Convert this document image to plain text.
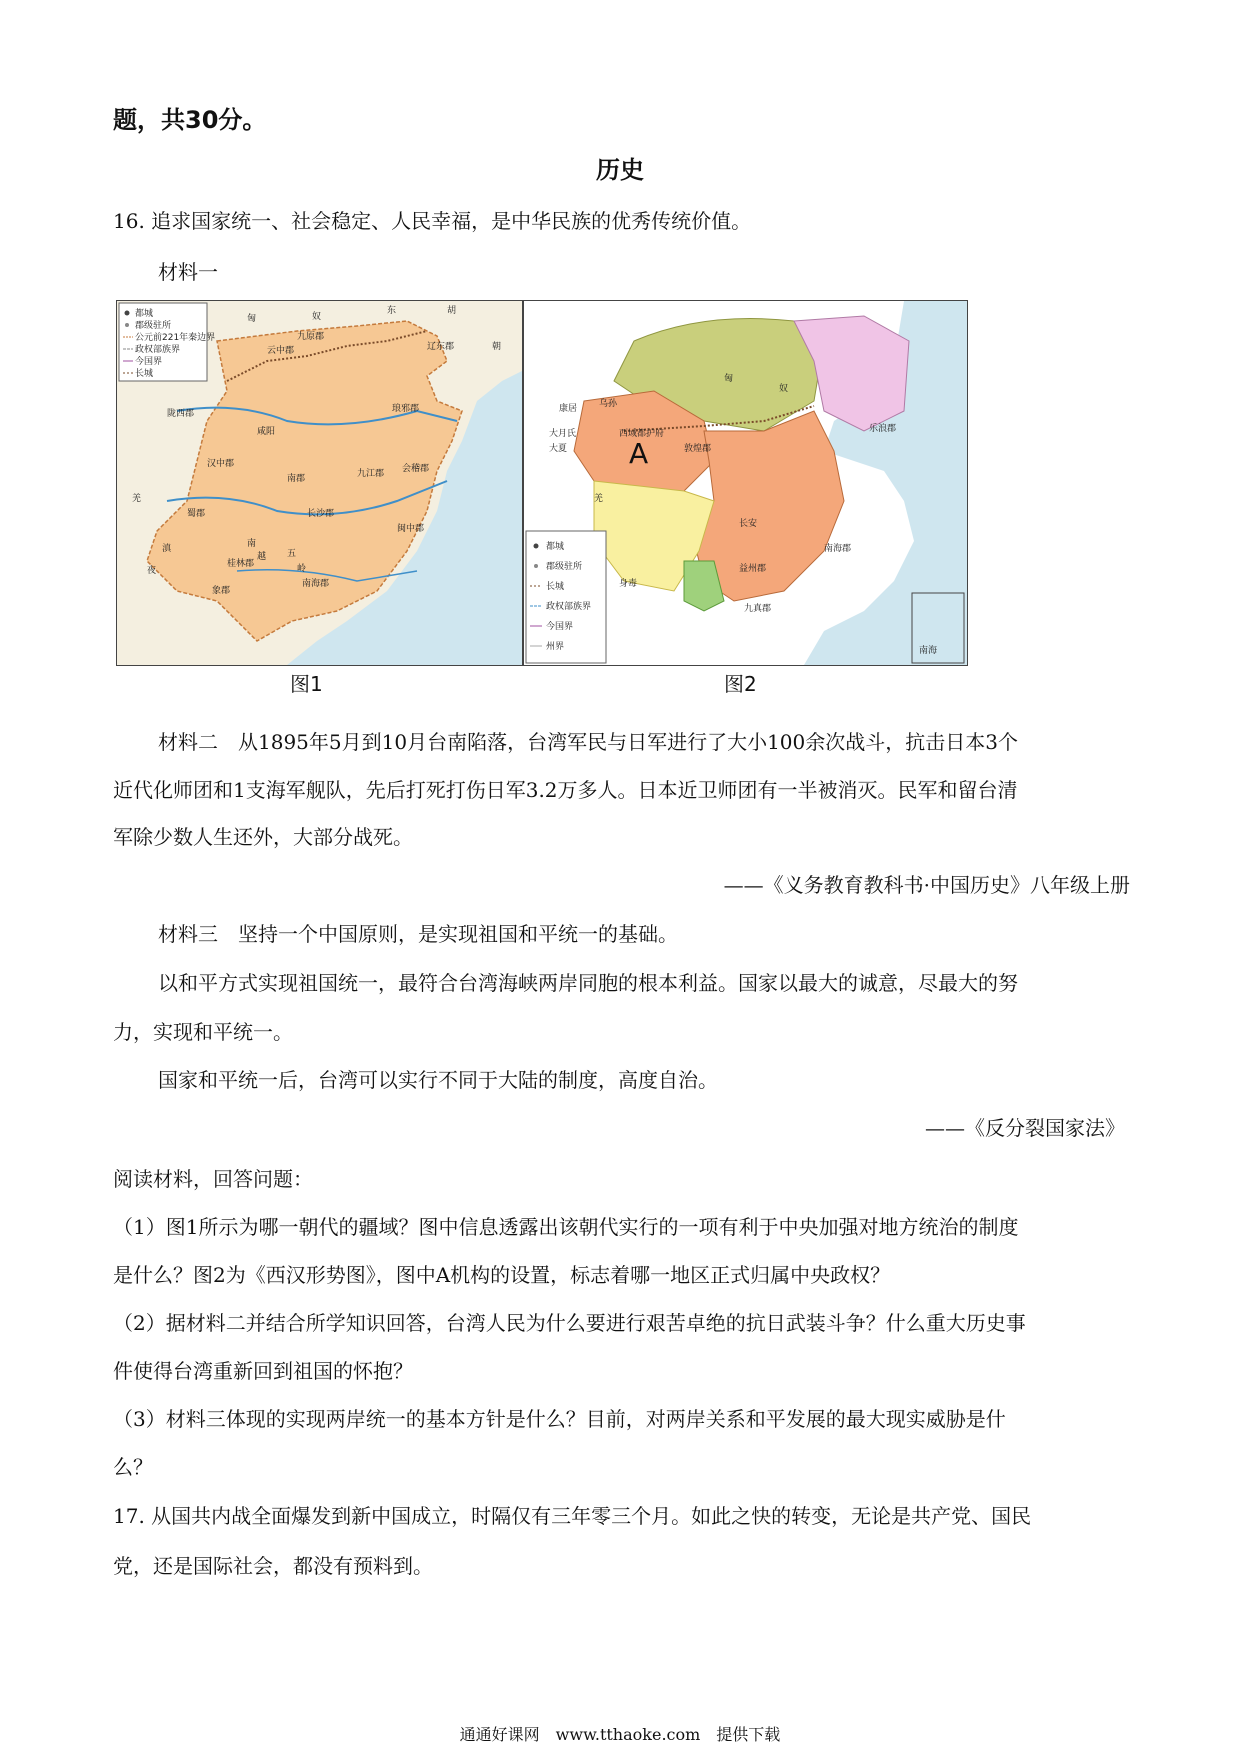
题，共30分。
历史
16. 追求国家统一、社会稳定、人民幸福，是中华民族的优秀传统价值。
材料一
都城
郡级驻所
公元前221年秦边界
政权部族界
今国界
长城
匈	奴
东	胡
九原郡
辽东郡	朝
云中郡
陇西郡
咸阳
汉中郡
蜀郡
南郡
长沙郡
会稽郡
闽中郡
桂林郡
南海郡
象郡
南
越
羌
滇
夜
五
岭
琅邪郡
九江郡
都城
郡级驻所
长城
政权部族界
今国界
州界	南海
匈
奴
A
西域都护府
敦煌郡
长安
乐浪郡
大月氏
大夏
羌
身毒
益州郡
九真郡
南海郡
乌孙
康居
图1	图2
材料二　从1895年5月到10月台南陷落，台湾军民与日军进行了大小100余次战斗，抗击日本3个
近代化师团和1支海军舰队，先后打死打伤日军3.2万多人。日本近卫师团有一半被消灭。民军和留台清
军除少数人生还外，大部分战死。
——《义务教育教科书·中国历史》八年级上册
材料三　坚持一个中国原则，是实现祖国和平统一的基础。
以和平方式实现祖国统一，最符合台湾海峡两岸同胞的根本利益。国家以最大的诚意，尽最大的努
力，实现和平统一。
国家和平统一后，台湾可以实行不同于大陆的制度，高度自治。
——《反分裂国家法》
阅读材料，回答问题：
（1）图1所示为哪一朝代的疆域？图中信息透露出该朝代实行的一项有利于中央加强对地方统治的制度
是什么？图2为《西汉形势图》，图中A机构的设置，标志着哪一地区正式归属中央政权？
（2）据材料二并结合所学知识回答，台湾人民为什么要进行艰苦卓绝的抗日武装斗争？什么重大历史事
件使得台湾重新回到祖国的怀抱？
（3）材料三体现的实现两岸统一的基本方针是什么？目前，对两岸关系和平发展的最大现实威胁是什
么？
17. 从国共内战全面爆发到新中国成立，时隔仅有三年零三个月。如此之快的转变，无论是共产党、国民
党，还是国际社会，都没有预料到。
通通好课网　www.tthaoke.com　提供下载
